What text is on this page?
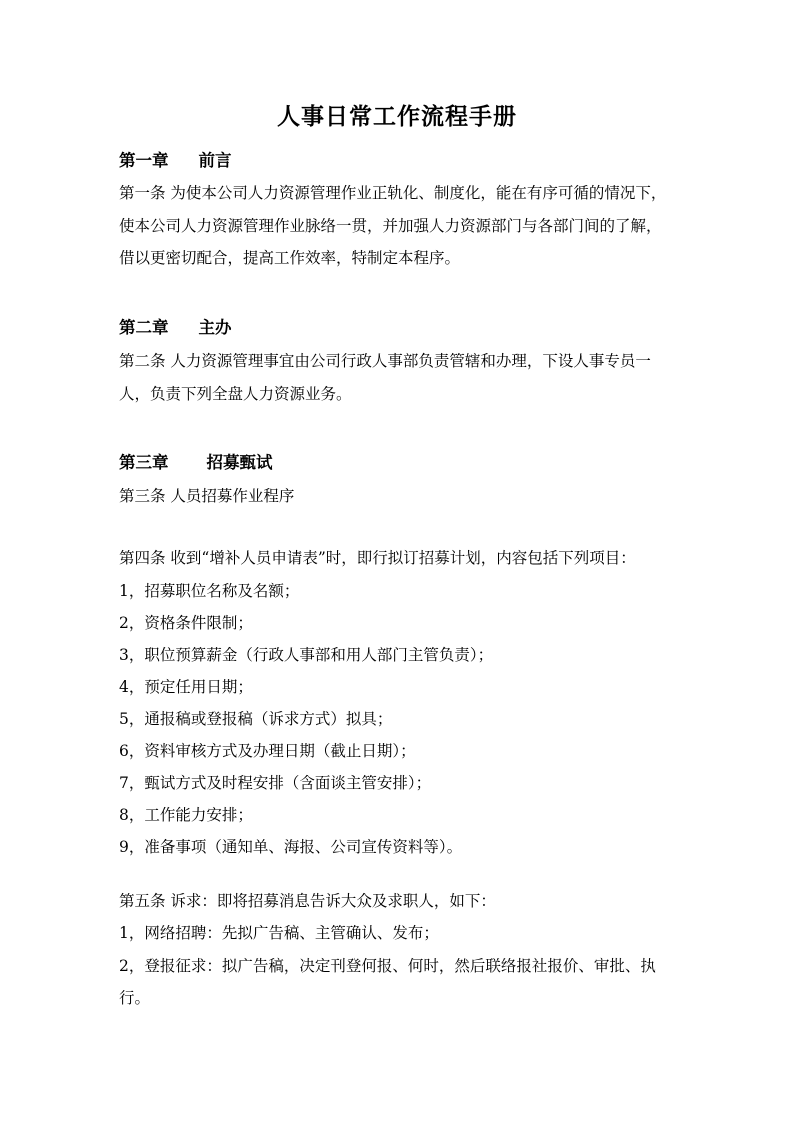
人事日常工作流程手册
第一章 前言
第一条 为使本公司人力资源管理作业正轨化、制度化，能在有序可循的情况下，
使本公司人力资源管理作业脉络一贯，并加强人力资源部门与各部门间的了解，
借以更密切配合，提高工作效率，特制定本程序。
第二章 主办
第二条 人力资源管理事宜由公司行政人事部负责管辖和办理，下设人事专员一
人，负责下列全盘人力资源业务。
第三章 招募甄试
第三条 人员招募作业程序
第四条 收到“增补人员申请表”时，即行拟订招募计划，内容包括下列项目：
1，招募职位名称及名额；
2，资格条件限制；
3，职位预算薪金（行政人事部和用人部门主管负责）；
4，预定任用日期；
5，通报稿或登报稿（诉求方式）拟具；
6，资料审核方式及办理日期（截止日期）；
7，甄试方式及时程安排（含面谈主管安排）；
8，工作能力安排；
9，准备事项（通知单、海报、公司宣传资料等）。
第五条 诉求：即将招募消息告诉大众及求职人，如下：
1，网络招聘：先拟广告稿、主管确认、发布；
2，登报征求：拟广告稿，决定刊登何报、何时，然后联络报社报价、审批、执
行。
